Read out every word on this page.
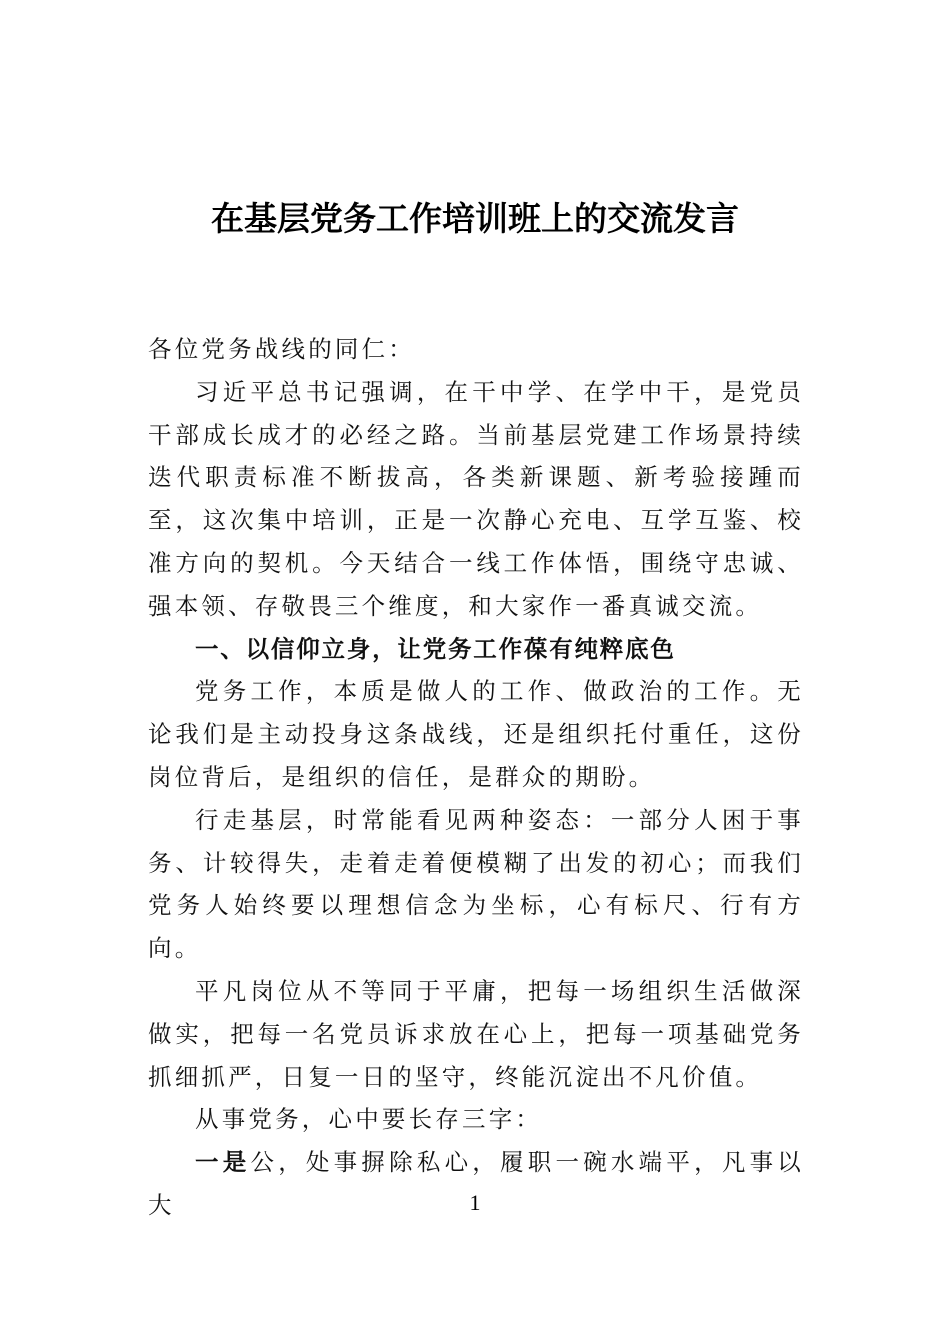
在基层党务工作培训班上的交流发言

各位党务战线的同仁：

习近平总书记强调，在干中学、在学中干，是党员干部成长成才的必经之路。当前基层党建工作场景持续迭代职责标准不断拔高，各类新课题、新考验接踵而至，这次集中培训，正是一次静心充电、互学互鉴、校准方向的契机。今天结合一线工作体悟，围绕守忠诚、强本领、存敬畏三个维度，和大家作一番真诚交流。

一、以信仰立身，让党务工作葆有纯粹底色

党务工作，本质是做人的工作、做政治的工作。无论我们是主动投身这条战线，还是组织托付重任，这份岗位背后，是组织的信任，是群众的期盼。

行走基层，时常能看见两种姿态：一部分人困于事务、计较得失，走着走着便模糊了出发的初心；而我们党务人始终要以理想信念为坐标，心有标尺、行有方向。

平凡岗位从不等同于平庸，把每一场组织生活做深做实，把每一名党员诉求放在心上，把每一项基础党务抓细抓严，日复一日的坚守，终能沉淀出不凡价值。

从事党务，心中要长存三字：

一是公，处事摒除私心，履职一碗水端平，凡事以大	1
